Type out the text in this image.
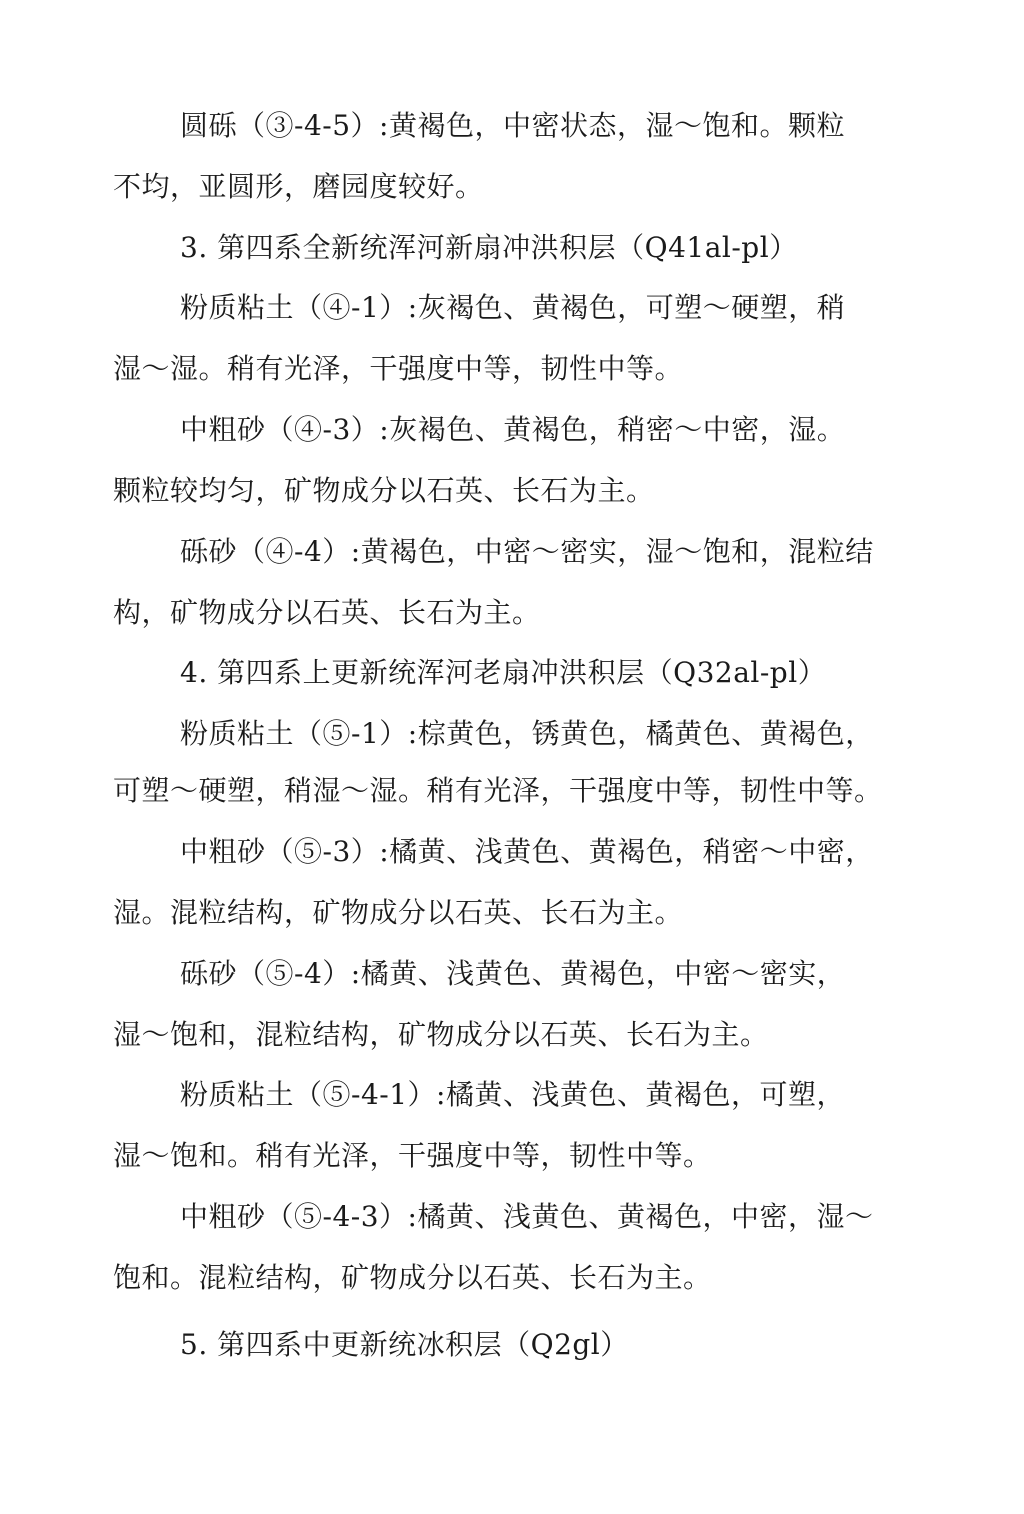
圆砾（③-4-5）:黄褐色，中密状态，湿～饱和。颗粒
不均，亚圆形，磨园度较好。
3. 第四系全新统浑河新扇冲洪积层（Q41al-pl）
粉质粘土（④-1）:灰褐色、黄褐色，可塑～硬塑，稍
湿～湿。稍有光泽，干强度中等，韧性中等。
中粗砂（④-3）:灰褐色、黄褐色，稍密～中密，湿。
颗粒较均匀，矿物成分以石英、长石为主。
砾砂（④-4）:黄褐色，中密～密实，湿～饱和，混粒结
构，矿物成分以石英、长石为主。
4. 第四系上更新统浑河老扇冲洪积层（Q32al-pl）
粉质粘土（⑤-1）:棕黄色，锈黄色，橘黄色、黄褐色，
可塑～硬塑，稍湿～湿。稍有光泽，干强度中等，韧性中等。
中粗砂（⑤-3）:橘黄、浅黄色、黄褐色，稍密～中密，
湿。混粒结构，矿物成分以石英、长石为主。
砾砂（⑤-4）:橘黄、浅黄色、黄褐色，中密～密实，
湿～饱和，混粒结构，矿物成分以石英、长石为主。
粉质粘土（⑤-4-1）:橘黄、浅黄色、黄褐色，可塑，
湿～饱和。稍有光泽，干强度中等，韧性中等。
中粗砂（⑤-4-3）:橘黄、浅黄色、黄褐色，中密，湿～
饱和。混粒结构，矿物成分以石英、长石为主。
5. 第四系中更新统冰积层（Q2gl）
